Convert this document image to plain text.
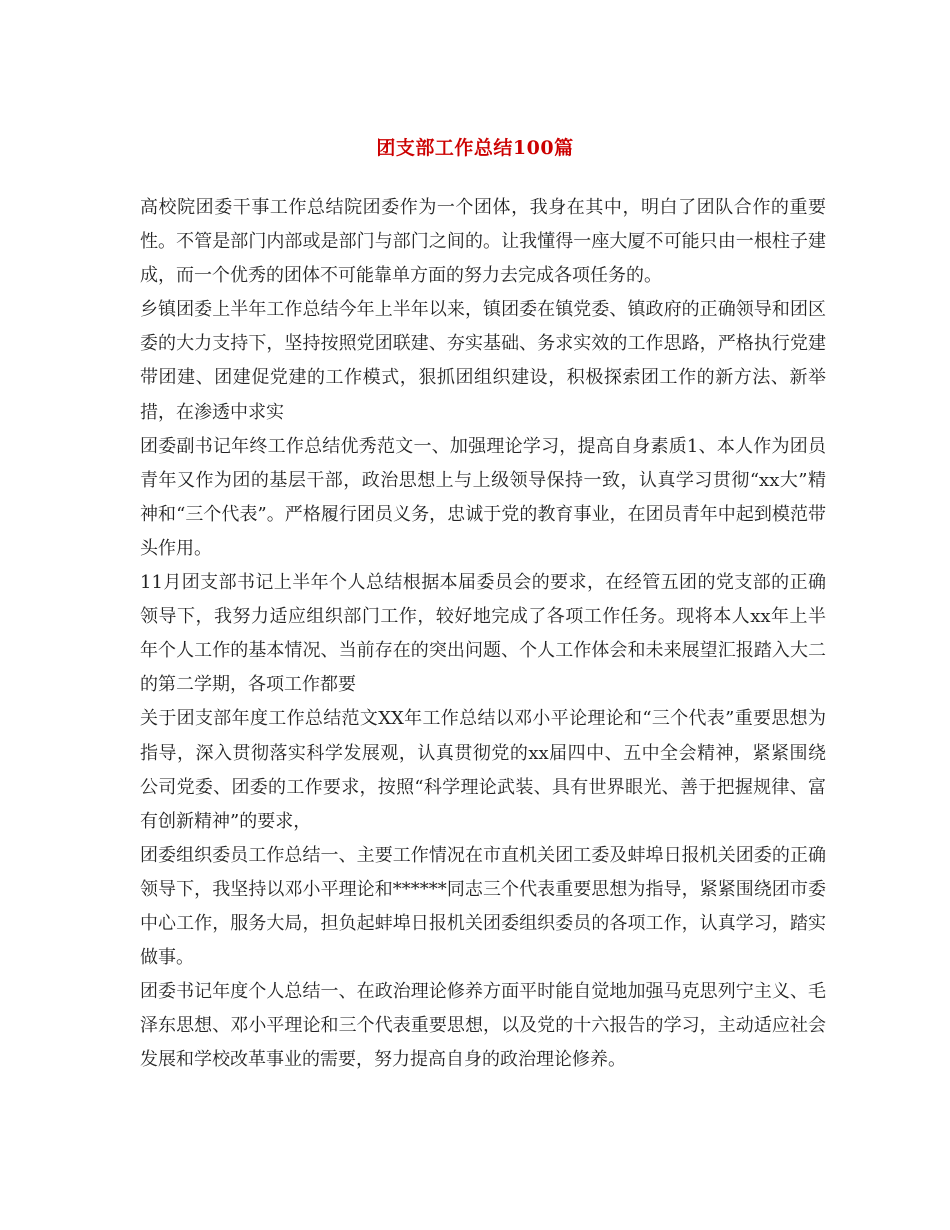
团支部工作总结100篇

高校院团委干事工作总结院团委作为一个团体，我身在其中，明白了团队合作的重要性。不管是部门内部或是部门与部门之间的。让我懂得一座大厦不可能只由一根柱子建成，而一个优秀的团体不可能靠单方面的努力去完成各项任务的。

乡镇团委上半年工作总结今年上半年以来，镇团委在镇党委、镇政府的正确领导和团区委的大力支持下，坚持按照党团联建、夯实基础、务求实效的工作思路，严格执行党建带团建、团建促党建的工作模式，狠抓团组织建设，积极探索团工作的新方法、新举措，在渗透中求实

团委副书记年终工作总结优秀范文一、加强理论学习，提高自身素质1、本人作为团员青年又作为团的基层干部，政治思想上与上级领导保持一致，认真学习贯彻“xx大”精神和“三个代表”。严格履行团员义务，忠诚于党的教育事业，在团员青年中起到模范带头作用。

11月团支部书记上半年个人总结根据本届委员会的要求，在经管五团的党支部的正确领导下，我努力适应组织部门工作，较好地完成了各项工作任务。现将本人xx年上半年个人工作的基本情况、当前存在的突出问题、个人工作体会和未来展望汇报踏入大二的第二学期，各项工作都要

关于团支部年度工作总结范文XX年工作总结以邓小平论理论和“三个代表”重要思想为指导，深入贯彻落实科学发展观，认真贯彻党的xx届四中、五中全会精神，紧紧围绕公司党委、团委的工作要求，按照“科学理论武装、具有世界眼光、善于把握规律、富有创新精神”的要求，

团委组织委员工作总结一、主要工作情况在市直机关团工委及蚌埠日报机关团委的正确领导下，我坚持以邓小平理论和******同志三个代表重要思想为指导，紧紧围绕团市委中心工作，服务大局，担负起蚌埠日报机关团委组织委员的各项工作，认真学习，踏实做事。

团委书记年度个人总结一、在政治理论修养方面平时能自觉地加强马克思列宁主义、毛泽东思想、邓小平理论和三个代表重要思想，以及党的十六报告的学习，主动适应社会发展和学校改革事业的需要，努力提高自身的政治理论修养。
